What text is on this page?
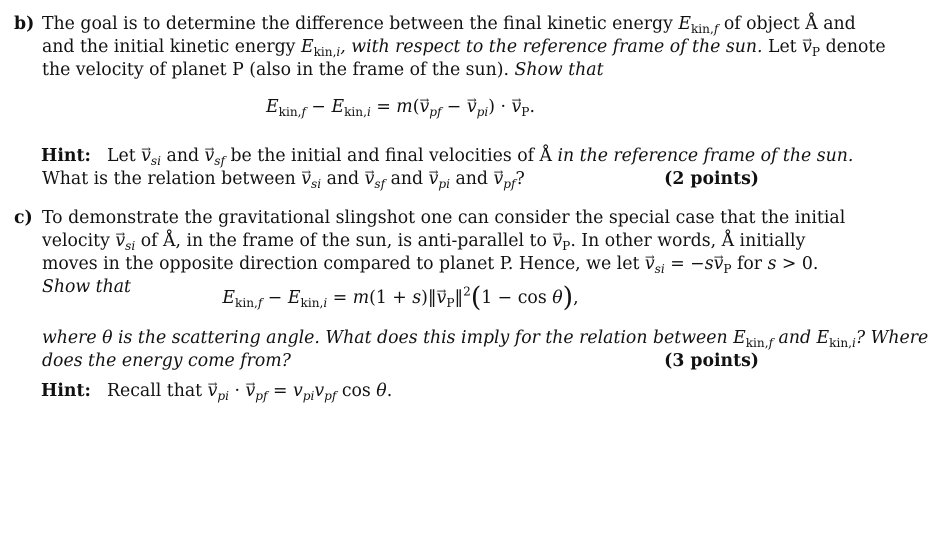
b) The goal is to determine the difference between the final kinetic energy $E_{kin,f}$ of object Å and
and the initial kinetic energy $E_{kin,i}$, with respect to the reference frame of the sun. Let → $v_P$ denote
the velocity of planet P (also in the frame of the sun). Show that
$E_{kin,f} - E_{kin,i} = m(\to v_{pf}$ − → $v_{pi}$) · → $v_P$.
Hint: Let → $v_{si}$ and → $v_{sf}$ be the initial and final velocities of Å in the reference frame of the sun.
What is the relation between → $v_{si}$ and → $v_{sf}$ and → $v_{pi}$ and → $v_{pf}$?	(2 points)
c) To demonstrate the gravitational slingshot one can consider the special case that the initial
velocity → $v_{si}$ of Å, in the frame of the sun, is anti-parallel to → $v_P$. In other words, Å initially
moves in the opposite direction compared to planet P. Hence, we let → $v_{si} = -s\to v_P$ for s > 0.
Show that
$E_{kin,f} - E_{kin,i} = m(1$ + s)‖→ $v_P‖^2(1 - \cos \theta)$,
where θ is the scattering angle. What does this imply for the relation between $E_{kin,f}$ and $E_{kin,i}$? Where
does the energy come from?	(3 points)
Hint: Recall that → $v_{pi}$ · → $v_{pf} = v_{pi}v_{pf}$ cos θ.
